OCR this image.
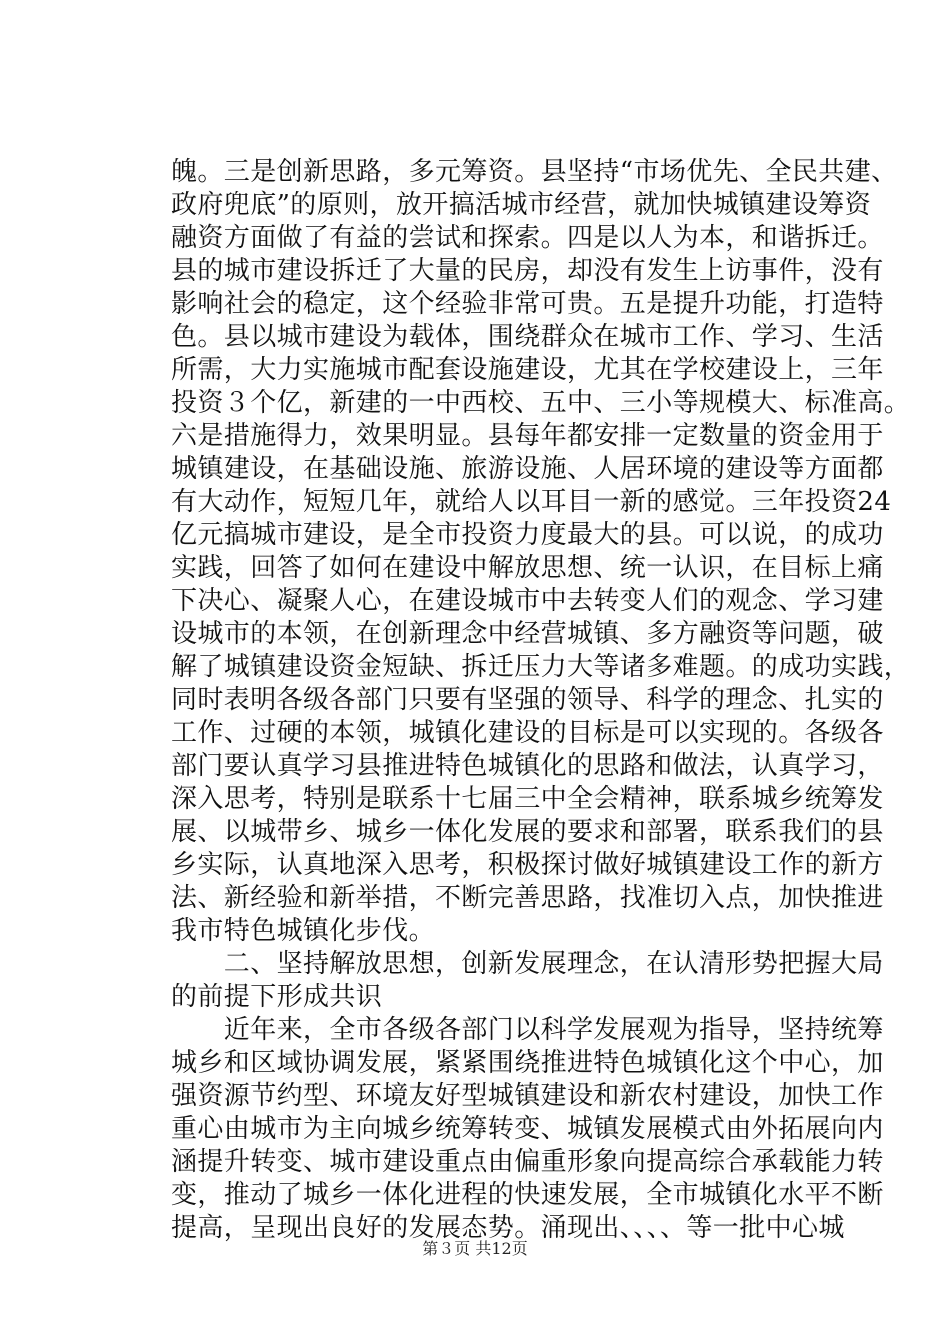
魄。三是创新思路，多元筹资。县坚持“市场优先、全民共建、
政府兜底”的原则，放开搞活城市经营，就加快城镇建设筹资
融资方面做了有益的尝试和探索。四是以人为本，和谐拆迁。
县的城市建设拆迁了大量的民房，却没有发生上访事件，没有
影响社会的稳定，这个经验非常可贵。五是提升功能，打造特
色。县以城市建设为载体，围绕群众在城市工作、学习、生活
所需，大力实施城市配套设施建设，尤其在学校建设上，三年
投资３个亿，新建的一中西校、五中、三小等规模大、标准高。
六是措施得力，效果明显。县每年都安排一定数量的资金用于
城镇建设，在基础设施、旅游设施、人居环境的建设等方面都
有大动作，短短几年，就给人以耳目一新的感觉。三年投资24
亿元搞城市建设，是全市投资力度最大的县。可以说，的成功
实践，回答了如何在建设中解放思想、统一认识，在目标上痛
下决心、凝聚人心，在建设城市中去转变人们的观念、学习建
设城市的本领，在创新理念中经营城镇、多方融资等问题，破
解了城镇建设资金短缺、拆迁压力大等诸多难题。的成功实践，
同时表明各级各部门只要有坚强的领导、科学的理念、扎实的
工作、过硬的本领，城镇化建设的目标是可以实现的。各级各
部门要认真学习县推进特色城镇化的思路和做法，认真学习，
深入思考，特别是联系十七届三中全会精神，联系城乡统筹发
展、以城带乡、城乡一体化发展的要求和部署，联系我们的县
乡实际，认真地深入思考，积极探讨做好城镇建设工作的新方
法、新经验和新举措，不断完善思路，找准切入点，加快推进
我市特色城镇化步伐。
　　二、坚持解放思想，创新发展理念，在认清形势把握大局
的前提下形成共识
　　近年来，全市各级各部门以科学发展观为指导，坚持统筹
城乡和区域协调发展，紧紧围绕推进特色城镇化这个中心，加
强资源节约型、环境友好型城镇建设和新农村建设，加快工作
重心由城市为主向城乡统筹转变、城镇发展模式由外拓展向内
涵提升转变、城市建设重点由偏重形象向提高综合承载能力转
变，推动了城乡一体化进程的快速发展，全市城镇化水平不断
提高，呈现出良好的发展态势。涌现出、、、、等一批中心城
第３页 共12页
